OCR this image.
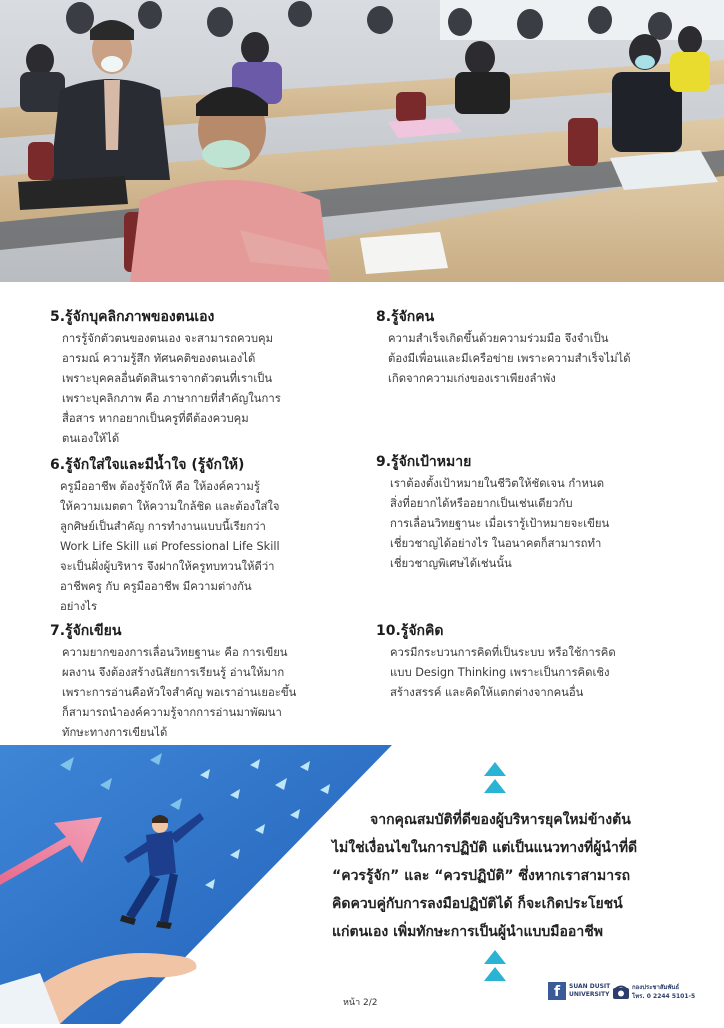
5.รู้จักบุคลิกภาพของตนเอง

การรู้จักตัวตนของตนเอง จะสามารถควบคุม
อารมณ์ ความรู้สึก ทัศนคติของตนเองได้
เพราะบุคคลอื่นตัดสินเราจากตัวตนที่เราเป็น
เพราะบุคลิกภาพ คือ ภาษากายที่สำคัญในการ
สื่อสาร หากอยากเป็นครูที่ดีต้องควบคุม
ตนเองให้ได้

6.รู้จักใส่ใจและมีน้ำใจ (รู้จักให้)

ครูมืออาชีพ ต้องรู้จักให้ คือ ให้องค์ความรู้
ให้ความเมตตา ให้ความใกล้ชิด และต้องใส่ใจ
ลูกศิษย์เป็นสำคัญ การทำงานแบบนี้เรียกว่า
Work Life Skill แต่ Professional Life Skill
จะเป็นฝั่งผู้บริหาร จึงฝากให้ครูทบทวนให้ดีว่า
อาชีพครู กับ ครูมืออาชีพ มีความต่างกัน
อย่างไร

7.รู้จักเขียน

ความยากของการเลื่อนวิทยฐานะ คือ การเขียน
ผลงาน จึงต้องสร้างนิสัยการเรียนรู้ อ่านให้มาก
เพราะการอ่านคือหัวใจสำคัญ พอเราอ่านเยอะขึ้น
ก็สามารถนำองค์ความรู้จากการอ่านมาพัฒนา
ทักษะทางการเขียนได้

8.รู้จักคน

ความสำเร็จเกิดขึ้นด้วยความร่วมมือ จึงจำเป็น
ต้องมีเพื่อนและมีเครือข่าย เพราะความสำเร็จไม่ได้
เกิดจากความเก่งของเราเพียงลำพัง

9.รู้จักเป้าหมาย

เราต้องตั้งเป้าหมายในชีวิตให้ชัดเจน กำหนด
สิ่งที่อยากได้หรืออยากเป็นเช่นเดียวกับ
การเลื่อนวิทยฐานะ เมื่อเรารู้เป้าหมายจะเขียน
เชี่ยวชาญได้อย่างไร ในอนาคตก็สามารถทำ
เชี่ยวชาญพิเศษได้เช่นนั้น

10.รู้จักคิด

ควรมีกระบวนการคิดที่เป็นระบบ หรือใช้การคิด
แบบ Design Thinking เพราะเป็นการคิดเชิง
สร้างสรรค์ และคิดให้แตกต่างจากคนอื่น

จากคุณสมบัติที่ดีของผู้บริหารยุคใหม่ข้างต้น
ไม่ใช่เงื่อนไขในการปฏิบัติ แต่เป็นแนวทางที่ผู้นำที่ดี
“ควรรู้จัก” และ “ควรปฏิบัติ” ซึ่งหากเราสามารถ
คิดควบคู่กับการลงมือปฏิบัติได้ ก็จะเกิดประโยชน์
แก่ตนเอง เพิ่มทักษะการเป็นผู้นำแบบมืออาชีพ
หน้า 2/2
f	SUAN DUSIT
UNIVERSITY
กองประชาสัมพันธ์
โทร. 0 2244 5101-5
